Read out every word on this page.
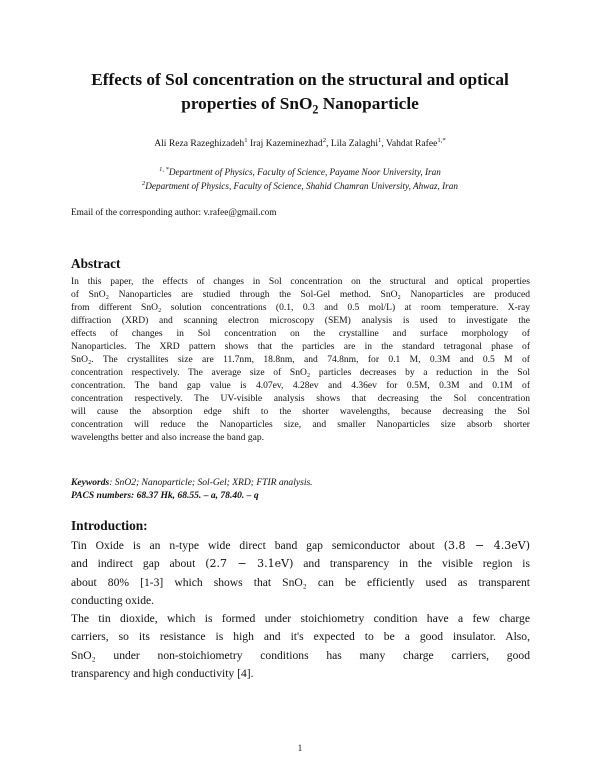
Effects of Sol concentration on the structural and optical
properties of SnO$_2$ Nanoparticle
Ali Reza Razeghizadeh$^1$ Iraj Kazeminezhad$^2$, Lila Zalaghi$^1$, Vahdat Rafee$^{1,*}$
$^{1, *}$Department of Physics, Faculty of Science, Payame Noor University, Iran
$^2$Department of Physics, Faculty of Science, Shahid Chamran University, Ahwaz, Iran
Email of the corresponding author: v.rafee@gmail.com
Abstract
In this paper, the effects of changes in Sol concentration on the structural and optical properties
of SnO₂ Nanoparticles are studied through the Sol-Gel method. SnO₂ Nanoparticles are produced
from different SnO₂ solution concentrations (0.1, 0.3 and 0.5 mol/L) at room temperature. X-ray
diffraction (XRD) and scanning electron microscopy (SEM) analysis is used to investigate the
effects of changes in Sol concentration on the crystalline and surface morphology of
Nanoparticles. The XRD pattern shows that the particles are in the standard tetragonal phase of
SnO₂. The crystallites size are 11.7nm, 18.8nm, and 74.8nm, for 0.1 M, 0.3M and 0.5 M of
concentration respectively. The average size of SnO₂ particles decreases by a reduction in the Sol
concentration. The band gap value is 4.07ev, 4.28ev and 4.36ev for 0.5M, 0.3M and 0.1M of
concentration respectively. The UV-visible analysis shows that decreasing the Sol concentration
will cause the absorption edge shift to the shorter wavelengths, because decreasing the Sol
concentration will reduce the Nanoparticles size, and smaller Nanoparticles size absorb shorter
wavelengths better and also increase the band gap.
Keywords: SnO2; Nanoparticle; Sol-Gel; XRD; FTIR analysis.
PACS numbers: 68.37 Hk, 68.55. – a, 78.40. – q
Introduction:
Tin Oxide is an n-type wide direct band gap semiconductor about (3.8 − 4.3eV)
and indirect gap about (2.7 − 3.1eV) and transparency in the visible region is
about 80% [1-3] which shows that SnO₂ can be efficiently used as transparent
conducting oxide.
The tin dioxide, which is formed under stoichiometry condition have a few charge
carriers, so its resistance is high and it's expected to be a good insulator. Also,
SnO₂ under non-stoichiometry conditions has many charge carriers, good
transparency and high conductivity [4].
1
